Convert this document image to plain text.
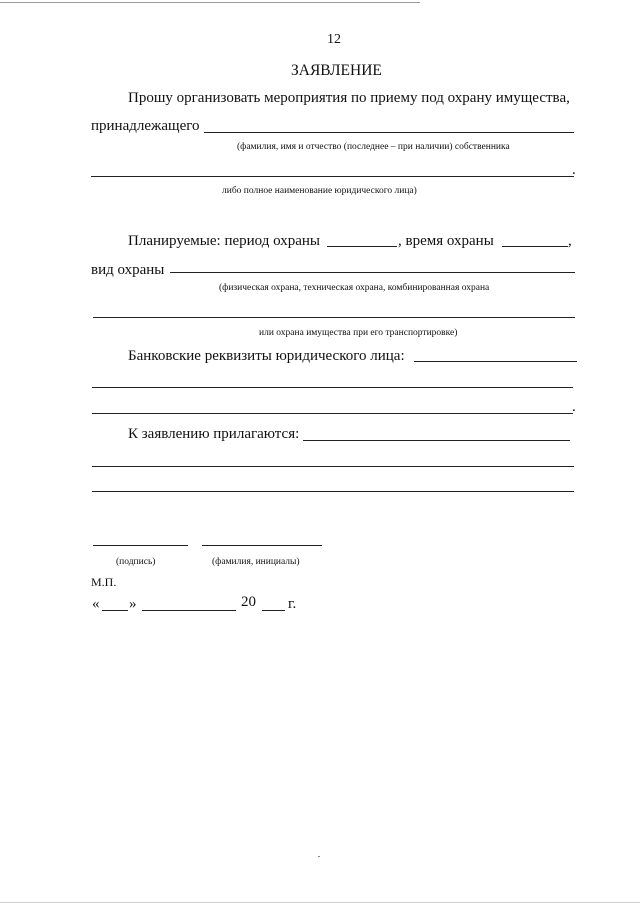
12
ЗАЯВЛЕНИЕ
Прошу организовать мероприятия по приему под охрану имущества,
принадлежащего
(фамилия, имя и отчество (последнее – при наличии) собственника
.
либо полное наименование юридического лица)
Планируемые: период охраны	, время охраны	,
вид охраны
(физическая охрана, техническая охрана, комбинированная охрана
или охрана имущества при его транспортировке)
Банковские реквизиты юридического лица:
.
К заявлению прилагаются:
(подпись)	(фамилия, инициалы)
М.П.
« »	20 г.
